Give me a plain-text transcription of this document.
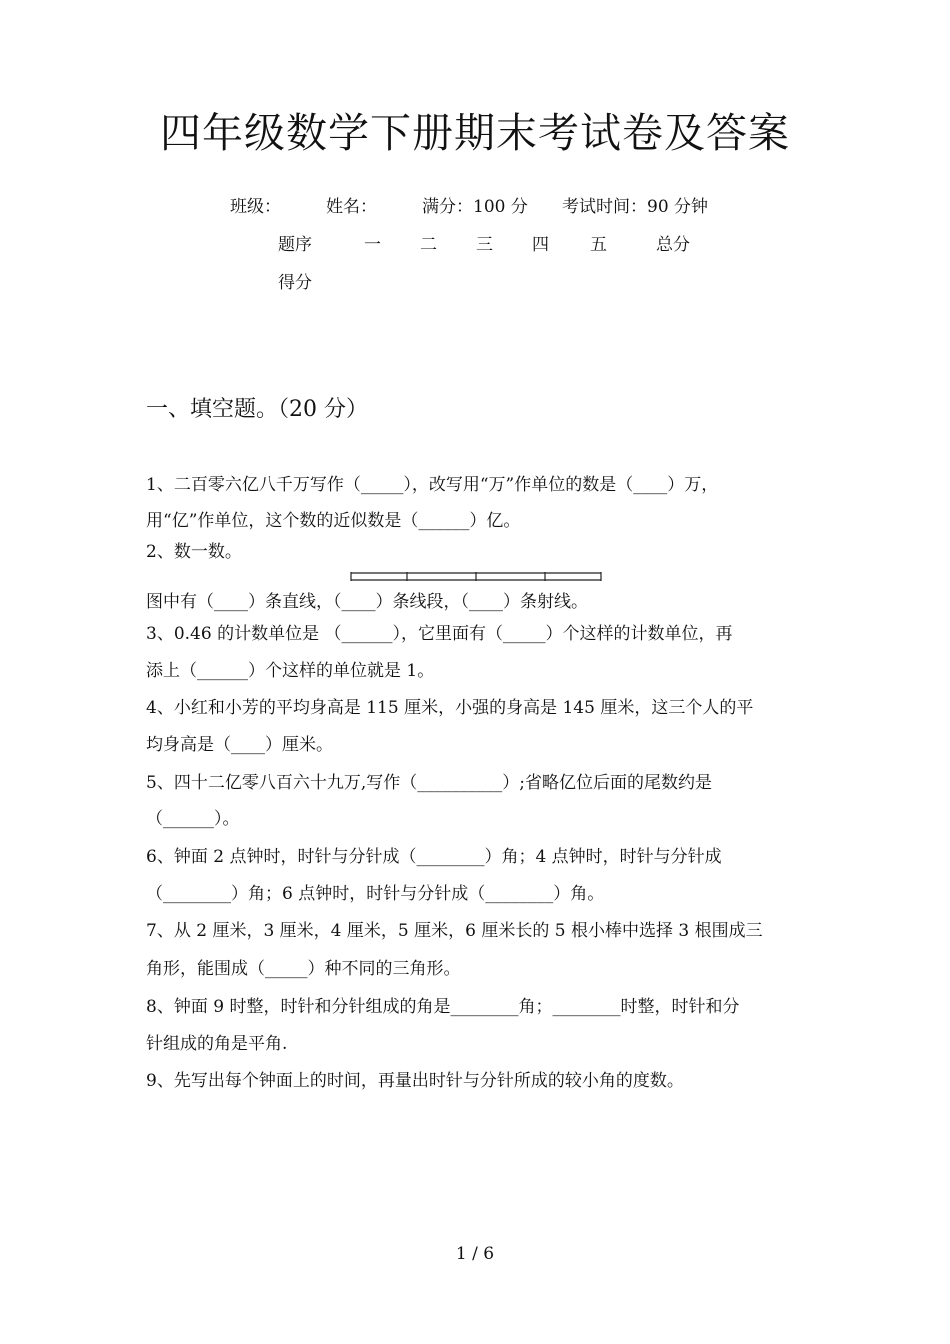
四年级数学下册期末考试卷及答案
班级：	姓名：	满分：100 分 考试时间：90 分钟
题序	一 二 三 四 五	总分
得分
一、填空题。（20 分）
1、二百零六亿八千万写作（_____），改写用“万”作单位的数是（____）万，
用“亿”作单位，这个数的近似数是（______）亿。
2、数一数。
图中有（____）条直线，（____）条线段，（____）条射线。
3、0.46 的计数单位是 （______），它里面有（_____）个这样的计数单位，再
添上（______）个这样的单位就是 1。
4、小红和小芳的平均身高是 115 厘米，小强的身高是 145 厘米，这三个人的平
均身高是（____）厘米。
5、四十二亿零八百六十九万,写作（__________）;省略亿位后面的尾数约是
（______）。
6、钟面 2 点钟时，时针与分针成（________）角；4 点钟时，时针与分针成
（________）角；6 点钟时，时针与分针成（________）角。
7、从 2 厘米，3 厘米，4 厘米，5 厘米，6 厘米长的 5 根小棒中选择 3 根围成三
角形，能围成（_____）种不同的三角形。
8、钟面 9 时整，时针和分针组成的角是________角；________时整，时针和分
针组成的角是平角.
9、先写出每个钟面上的时间，再量出时针与分针所成的较小角的度数。
1 / 6
